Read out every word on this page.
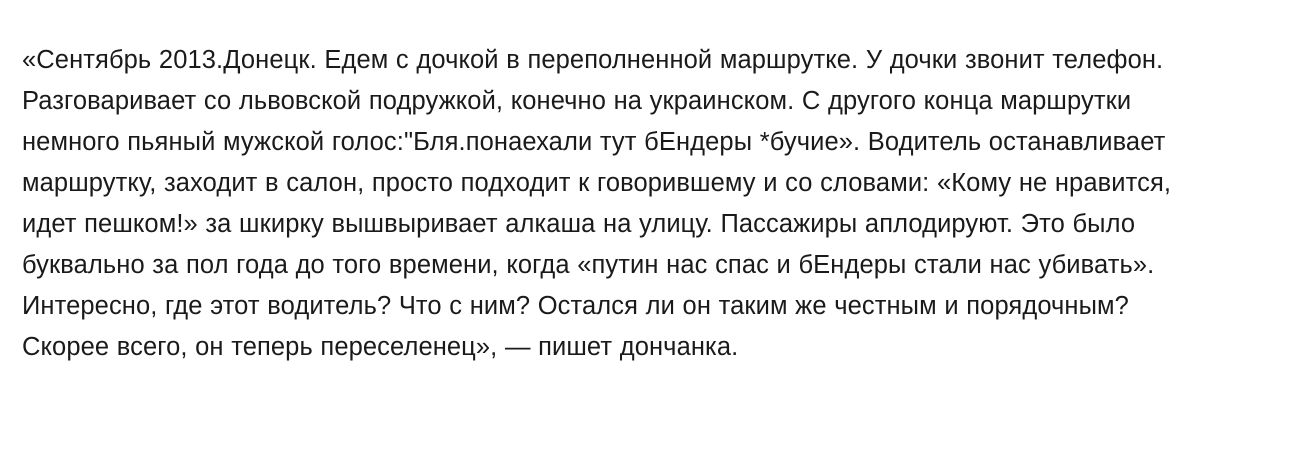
«Сентябрь 2013.Донецк. Едем с дочкой в переполненной маршрутке. У дочки звонит телефон. Разговаривает со львовской подружкой, конечно на украинском. С другого конца маршрутки немного пьяный мужской голос:"Бля.понаехали тут бЕндеры *бучие». Водитель останавливает маршрутку, заходит в салон, просто подходит к говорившему и со словами: «Кому не нравится, идет пешком!» за шкирку вышвыривает алкаша на улицу. Пассажиры аплодируют. Это было буквально за пол года до того времени, когда «путин нас спас и бЕндеры стали нас убивать». Интересно, где этот водитель? Что с ним? Остался ли он таким же честным и порядочным? Скорее всего, он теперь переселенец», — пишет дончанка.
